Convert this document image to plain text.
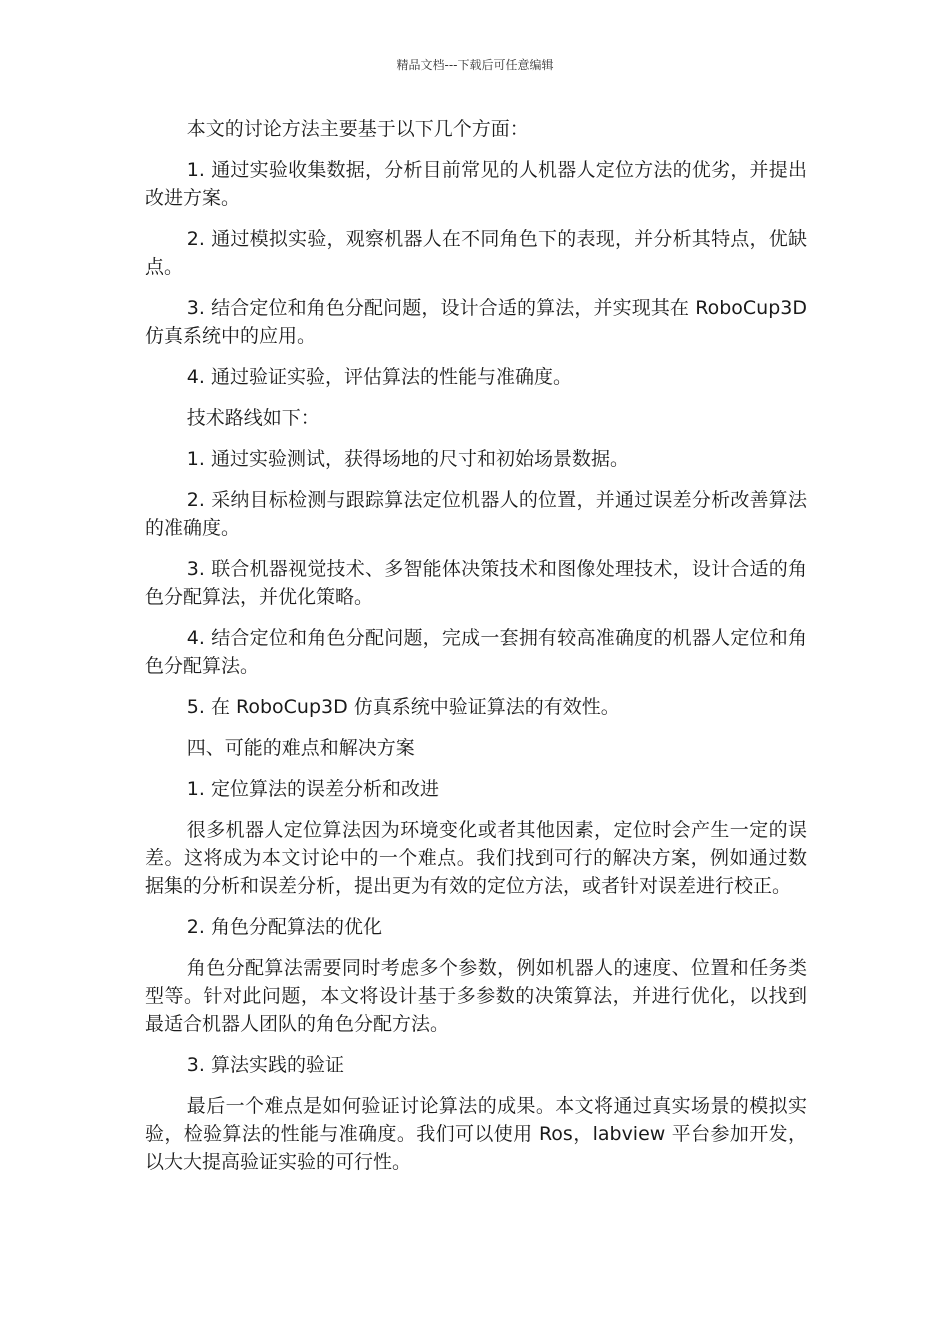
精品文档---下载后可任意编辑

本文的讨论方法主要基于以下几个方面：

1. 通过实验收集数据，分析目前常见的人机器人定位方法的优劣，并提出改进方案。

2. 通过模拟实验，观察机器人在不同角色下的表现，并分析其特点，优缺点。

3. 结合定位和角色分配问题，设计合适的算法，并实现其在 RoboCup3D 仿真系统中的应用。

4. 通过验证实验，评估算法的性能与准确度。

技术路线如下：

1. 通过实验测试，获得场地的尺寸和初始场景数据。

2. 采纳目标检测与跟踪算法定位机器人的位置，并通过误差分析改善算法的准确度。

3. 联合机器视觉技术、多智能体决策技术和图像处理技术，设计合适的角色分配算法，并优化策略。

4. 结合定位和角色分配问题，完成一套拥有较高准确度的机器人定位和角色分配算法。

5. 在 RoboCup3D 仿真系统中验证算法的有效性。

四、可能的难点和解决方案

1. 定位算法的误差分析和改进

很多机器人定位算法因为环境变化或者其他因素，定位时会产生一定的误差。这将成为本文讨论中的一个难点。我们找到可行的解决方案，例如通过数据集的分析和误差分析，提出更为有效的定位方法，或者针对误差进行校正。

2. 角色分配算法的优化

角色分配算法需要同时考虑多个参数，例如机器人的速度、位置和任务类型等。针对此问题，本文将设计基于多参数的决策算法，并进行优化，以找到最适合机器人团队的角色分配方法。

3. 算法实践的验证

最后一个难点是如何验证讨论算法的成果。本文将通过真实场景的模拟实验，检验算法的性能与准确度。我们可以使用 Ros，labview 平台参加开发，以大大提高验证实验的可行性。
